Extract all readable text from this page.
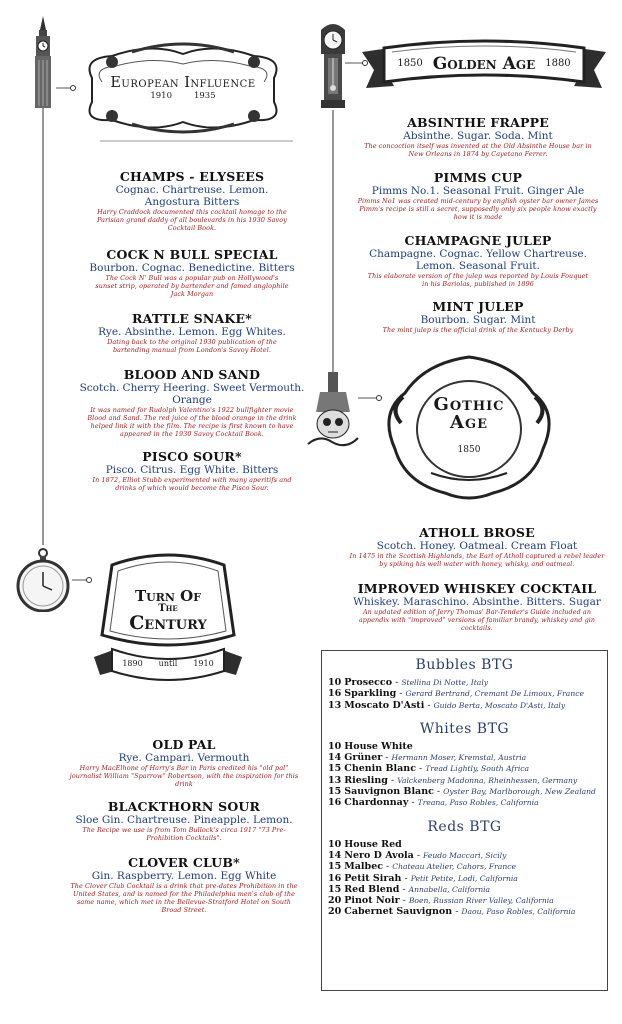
European Influence
1910	1935
1850 Golden Age 1880
Gothic
Age
1850
Turn Of
The
Century
1890 until 1910
ABSINTHE FRAPPE
Absinthe. Sugar. Soda. Mint
The concoction itself was invented at the Old Absinthe House bar in New Orleans in 1874 by Cayetano Ferrer.
PIMMS CUP
Pimms No.1. Seasonal Fruit. Ginger Ale
Pimms No1 was created mid-century by english oyster bar owner James Pimm's recipe is still a secret, supposedly only six people know exactly how it is made
CHAMPAGNE JULEP
Champagne. Cognac. Yellow Chartreuse. Lemon. Seasonal Fruit.
This elaborate version of the julep was reported by Louis Fouquet in his Bariolas, published in 1896
MINT JULEP
Bourbon. Sugar. Mint
The mint julep is the official drink of the Kentucky Derby
CHAMPS - ELYSEES
Cognac. Chartreuse. Lemon. Angostura Bitters
Harry Craddock documented this cocktail homage to the Parisian grand daddy of all boulevards in his 1930 Savoy Cocktail Book.
COCK N BULL SPECIAL
Bourbon. Cognac. Benedictine. Bitters
The Cock N' Bull was a popular pub on Hollywood's sunset strip, operated by bartender and famed anglophile Jack Morgan
RATTLE SNAKE*
Rye. Absinthe. Lemon. Egg Whites.
Dating back to the original 1930 publication of the bartending manual from London's Savoy Hotel.
BLOOD AND SAND
Scotch. Cherry Heering. Sweet Vermouth. Orange
It was named for Rudolph Valentino's 1922 bullfighter movie Blood and Sand. The red juice of the blood orange in the drink helped link it with the film. The recipe is first known to have appeared in the 1930 Savoy Cocktail Book.
PISCO SOUR*
Pisco. Citrus. Egg White. Bitters
In 1872, Elliot Stubb experimented with many aperitifs and drinks of which would become the Pisco Sour.
ATHOLL BROSE
Scotch. Honey. Oatmeal. Cream Float
In 1475 in the Scottish Highlands, the Earl of Atholl captured a rebel leader by spiking his well water with honey, whisky, and oatmeal.
IMPROVED WHISKEY COCKTAIL
Whiskey. Maraschino. Absinthe. Bitters. Sugar
An updated edition of Jerry Thomas' Bar-Tender's Guide included an appendix with "improved" versions of familiar brandy, whiskey and gin cocktails.
OLD PAL
Rye. Campari. Vermouth
Harry MacElhone of Harry's Bar in Paris credited his "old pal" journalist William "Sparrow" Robertson, with the inspiration for this drink
BLACKTHORN SOUR
Sloe Gin. Chartreuse. Pineapple. Lemon.
The Recipe we use is from Tom Bullock's circa 1917 "73 Pre-Prohibition Cocktails".
CLOVER CLUB*
Gin. Raspberry. Lemon. Egg White
The Clover Club Cocktail is a drink that pre-dates Prohibition in the United States, and is named for the Philadelphia men's club of the same name, which met in the Bellevue-Stratford Hotel on South Broad Street.
Bubbles BTG
10 Prosecco - Stellina Di Notte, Italy
16 Sparkling - Gerard Bertrand, Cremant De Limoux, France
13 Moscato D'Asti - Guido Berta, Moscato D'Asti, Italy
Whites BTG
10 House White
14 Grüner - Hermann Moser, Kremstal, Austria
15 Chenin Blanc - Tread Lightly, South Africa
13 Riesling - Valckenberg Madonna, Rheinhessen, Germany
15 Sauvignon Blanc - Oyster Bay, Marlborough, New Zealand
16 Chardonnay - Treana, Paso Robles, California
Reds BTG
10 House Red
14 Nero D Avola - Feudo Maccari, Sicily
15 Malbec - Chateau Atelier, Cahors, France
16 Petit Sirah - Petit Petite, Lodi, California
15 Red Blend - Annabella, California
20 Pinot Noir - Boen, Russian River Valley, California
20 Cabernet Sauvignon - Daou, Paso Robles, California
